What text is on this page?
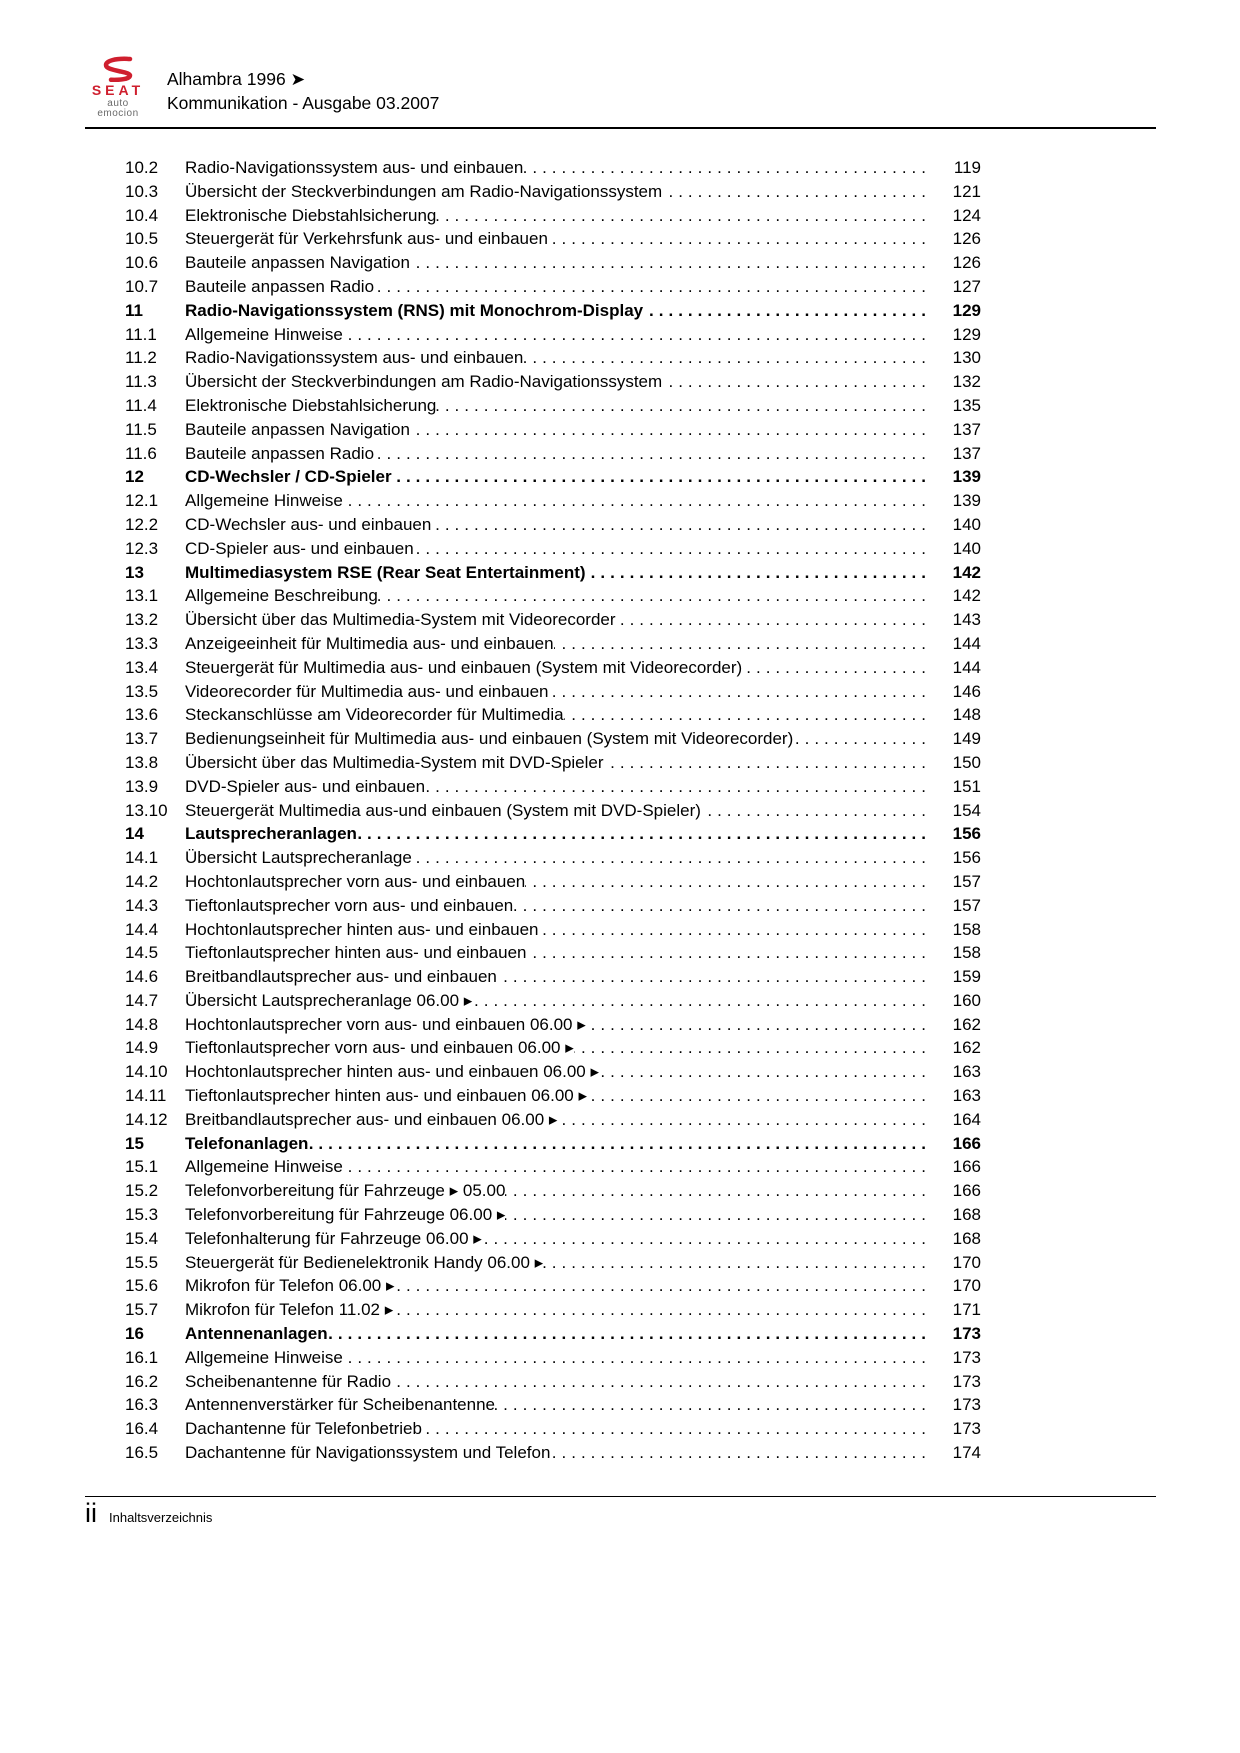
SEAT
auto emocion
Alhambra 1996 ➤
Kommunikation - Ausgabe 03.2007
10.2	Radio-Navigationssystem aus- und einbauen .....	119
10.3	Übersicht der Steckverbindungen am Radio-Navigationssystem .....	121
10.4	Elektronische Diebstahlsicherung .....	124
10.5	Steuergerät für Verkehrsfunk aus- und einbauen .....	126
10.6	Bauteile anpassen Navigation .....	126
10.7	Bauteile anpassen Radio .....	127
11	Radio-Navigationssystem (RNS) mit Monochrom-Display .....	129
11.1	Allgemeine Hinweise .....	129
11.2	Radio-Navigationssystem aus- und einbauen .....	130
11.3	Übersicht der Steckverbindungen am Radio-Navigationssystem .....	132
11.4	Elektronische Diebstahlsicherung .....	135
11.5	Bauteile anpassen Navigation .....	137
11.6	Bauteile anpassen Radio .....	137
12	CD-Wechsler / CD-Spieler .....	139
12.1	Allgemeine Hinweise .....	139
12.2	CD-Wechsler aus- und einbauen .....	140
12.3	CD-Spieler aus- und einbauen .....	140
13	Multimediasystem RSE (Rear Seat Entertainment) .....	142
13.1	Allgemeine Beschreibung .....	142
13.2	Übersicht über das Multimedia-System mit Videorecorder .....	143
13.3	Anzeigeeinheit für Multimedia aus- und einbauen .....	144
13.4	Steuergerät für Multimedia aus- und einbauen (System mit Videorecorder) .....	144
13.5	Videorecorder für Multimedia aus- und einbauen .....	146
13.6	Steckanschlüsse am Videorecorder für Multimedia .....	148
13.7	Bedienungseinheit für Multimedia aus- und einbauen (System mit Videorecorder) .....	149
13.8	Übersicht über das Multimedia-System mit DVD-Spieler .....	150
13.9	DVD-Spieler aus- und einbauen .....	151
13.10	Steuergerät Multimedia aus-und einbauen (System mit DVD-Spieler) .....	154
14	Lautsprecheranlagen .....	156
14.1	Übersicht Lautsprecheranlage .....	156
14.2	Hochtonlautsprecher vorn aus- und einbauen .....	157
14.3	Tieftonlautsprecher vorn aus- und einbauen .....	157
14.4	Hochtonlautsprecher hinten aus- und einbauen .....	158
14.5	Tieftonlautsprecher hinten aus- und einbauen .....	158
14.6	Breitbandlautsprecher aus- und einbauen .....	159
14.7	Übersicht Lautsprecheranlage 06.00 ▸ .....	160
14.8	Hochtonlautsprecher vorn aus- und einbauen 06.00 ▸ .....	162
14.9	Tieftonlautsprecher vorn aus- und einbauen 06.00 ▸ .....	162
14.10	Hochtonlautsprecher hinten aus- und einbauen 06.00 ▸ .....	163
14.11	Tieftonlautsprecher hinten aus- und einbauen 06.00 ▸ .....	163
14.12	Breitbandlautsprecher aus- und einbauen 06.00 ▸ .....	164
15	Telefonanlagen .....	166
15.1	Allgemeine Hinweise .....	166
15.2	Telefonvorbereitung für Fahrzeuge ▸ 05.00 .....	166
15.3	Telefonvorbereitung für Fahrzeuge 06.00 ▸ .....	168
15.4	Telefonhalterung für Fahrzeuge 06.00 ▸ .....	168
15.5	Steuergerät für Bedienelektronik Handy 06.00 ▸ .....	170
15.6	Mikrofon für Telefon 06.00 ▸ .....	170
15.7	Mikrofon für Telefon 11.02 ▸ .....	171
16	Antennenanlagen .....	173
16.1	Allgemeine Hinweise .....	173
16.2	Scheibenantenne für Radio .....	173
16.3	Antennenverstärker für Scheibenantenne .....	173
16.4	Dachantenne für Telefonbetrieb .....	173
16.5	Dachantenne für Navigationssystem und Telefon .....	174
ii Inhaltsverzeichnis
